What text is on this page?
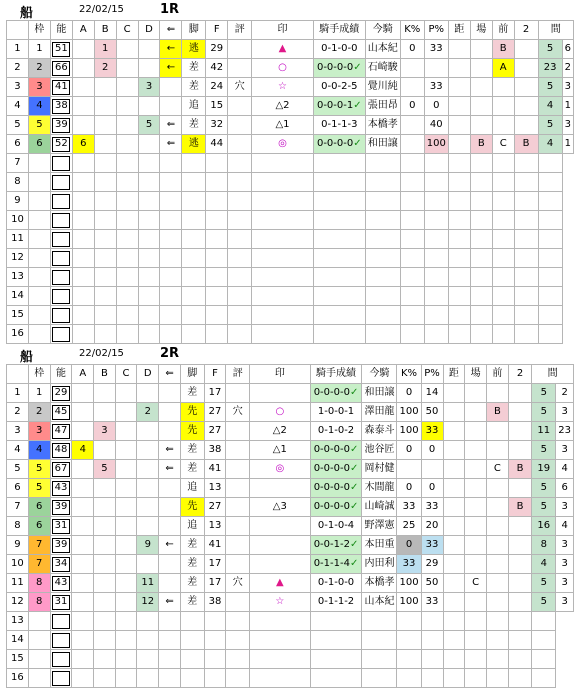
船	22/02/15	1R
	枠	能	A	B	C	D	⇐	脚	F	評	印	騎手成績	今騎	K%	P%	距	場	前	2	間	
1	1	51		1			←	逃	29		▲	0-1-0-0	山本紀	0	33			B		5	6
2	2	66		2			←	差	42		○	0-0-0-0✓	石崎駿					A		23	2
3	3	41				3		差	24	穴	☆	0-0-2-5	覺川純		33					5	3
4	4	38						追	15		△2	0-0-0-1✓	張田昂	0	0					4	1
5	5	39				5	⇐	差	32		△1	0-1-1-3	本橋孝		40					5	3
6	6	52	6				⇐	逃	44		◎	0-0-0-0✓	和田譲		100		B	C	B	4	1
7																					
8																					
9																					
10																					
11																					
12																					
13																					
14																					
15																					
16																					
船	22/02/15	2R
	枠	能	A	B	C	D	⇐	脚	F	評	印	騎手成績	今騎	K%	P%	距	場	前	2	間	
1	1	29						差	17			0-0-0-0✓	和田譲	0	14					5	2
2	2	45				2		先	27	穴	○	1-0-0-1	澤田龍	100	50			B		5	3
3	3	47		3				先	27		△2	0-1-0-2	森泰斗	100	33					11	23
4	4	48	4				⇐	差	38		△1	0-0-0-0✓	池谷匠	0	0					5	3
5	5	67		5			⇐	差	41		◎	0-0-0-0✓	岡村健					C	B	19	4
6	5	43						追	13			0-0-0-0✓	木間龍	0	0					5	6
7	6	39						先	27		△3	0-0-0-0✓	山崎誠	33	33				B	5	3
8	6	31						追	13			0-1-0-4	野澤憲	25	20					16	4
9	7	39				9	←	差	41			0-0-1-2✓	本田重	0	33					8	3
10	7	34						差	17			0-1-1-4✓	内田利	33	29					4	3
11	8	43				11		差	17	穴	▲	0-1-0-0	本橋孝	100	50		C			5	3
12	8	31				12	⇐	差	38		☆	0-1-1-2	山本紀	100	33					5	3
13																					
14																					
15																					
16																					
